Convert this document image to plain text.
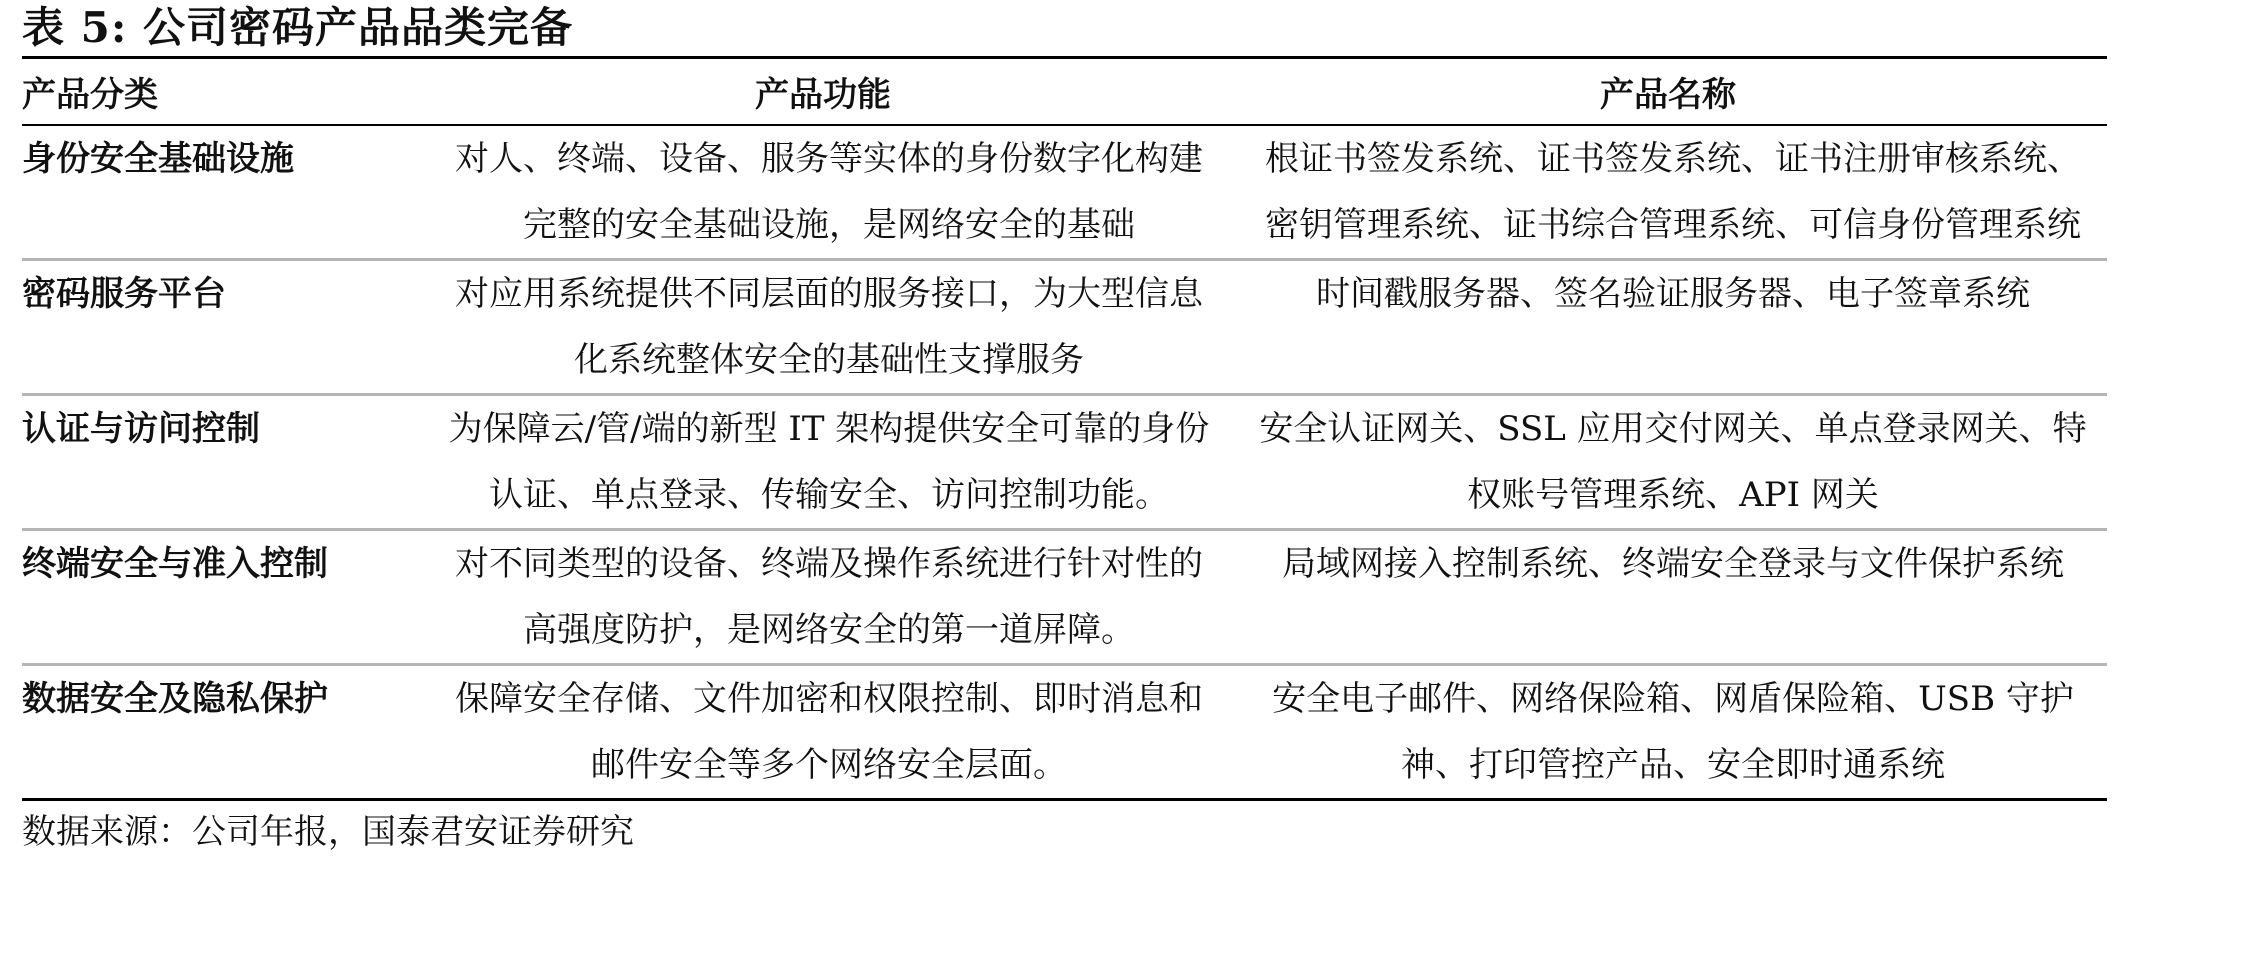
表 5: 公司密码产品品类完备
产品分类	产品功能	产品名称
身份安全基础设施	对人、终端、设备、服务等实体的身份数字化构建完整的安全基础设施，是网络安全的基础	根证书签发系统、证书签发系统、证书注册审核系统、密钥管理系统、证书综合管理系统、可信身份管理系统
密码服务平台	对应用系统提供不同层面的服务接口，为大型信息化系统整体安全的基础性支撑服务	时间戳服务器、签名验证服务器、电子签章系统
认证与访问控制	为保障云/管/端的新型 IT 架构提供安全可靠的身份认证、单点登录、传输安全、访问控制功能。	安全认证网关、SSL 应用交付网关、单点登录网关、特权账号管理系统、API 网关
终端安全与准入控制	对不同类型的设备、终端及操作系统进行针对性的高强度防护，是网络安全的第一道屏障。	局域网接入控制系统、终端安全登录与文件保护系统
数据安全及隐私保护	保障安全存储、文件加密和权限控制、即时消息和邮件安全等多个网络安全层面。	安全电子邮件、网络保险箱、网盾保险箱、USB 守护神、打印管控产品、安全即时通系统
数据来源：公司年报，国泰君安证券研究
